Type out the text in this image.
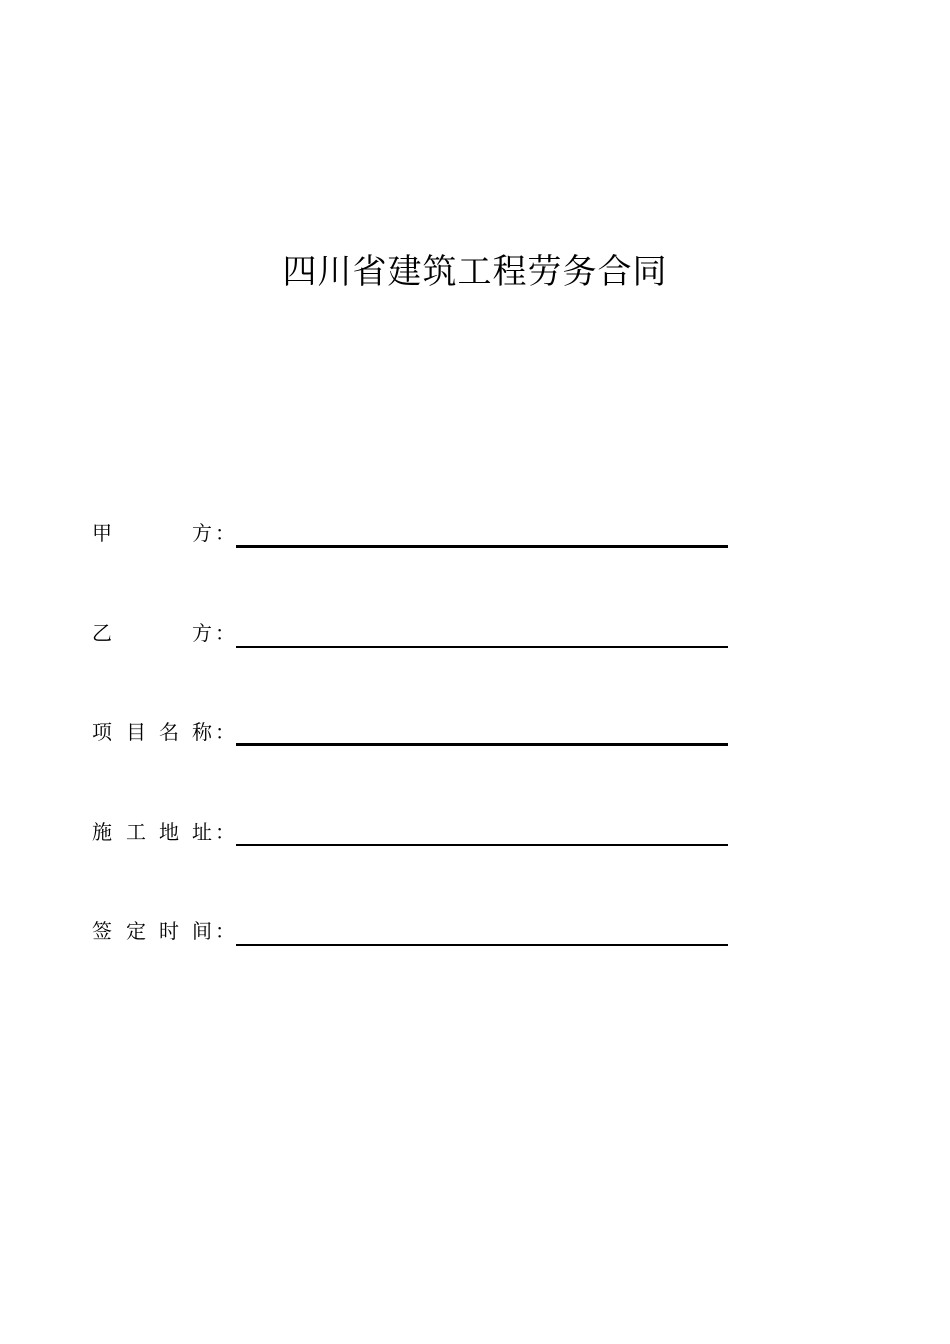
四川省建筑工程劳务合同
甲	方 ：
乙	方 ：
项 目 名 称 ：
施 工 地 址 ：
签 定 时 间 ：
